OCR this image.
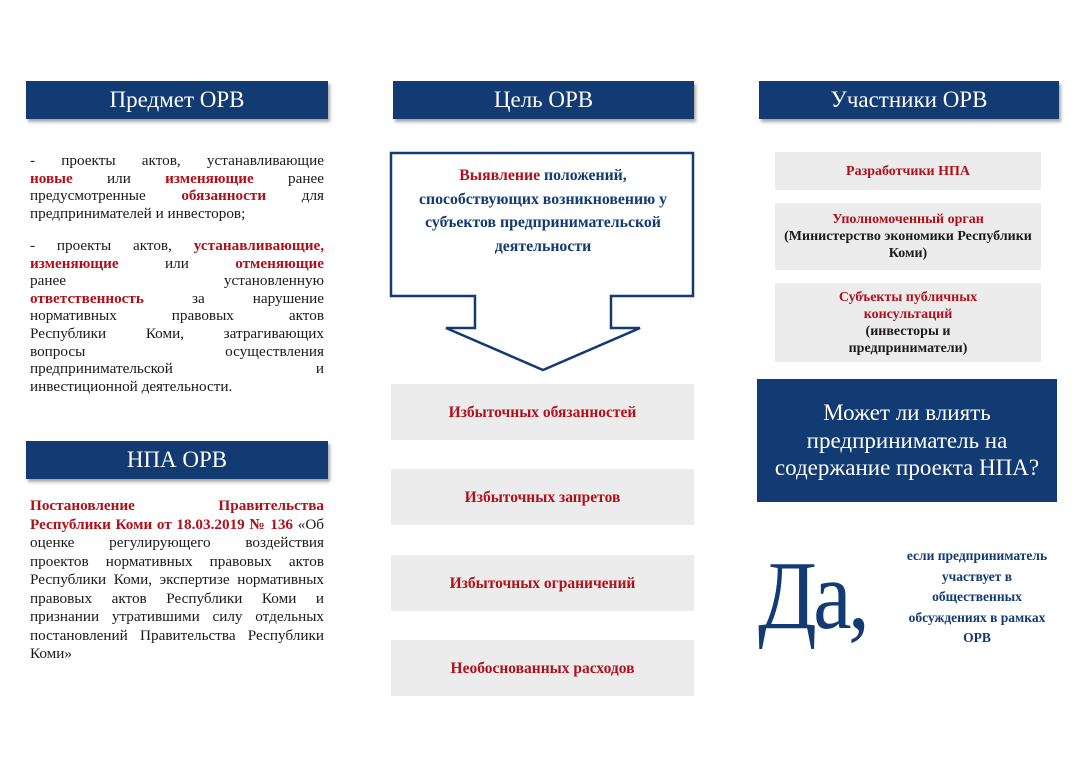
Предмет ОРВ	Цель ОРВ	Участники ОРВ
- проекты актов, устанавливающие
новые или изменяющие ранее
предусмотренные обязанности для
предпринимателей и инвесторов;
- проекты актов, устанавливающие,
изменяющие	или	отменяющие
ранее установленную
ответственность	за нарушение
нормативных правовых актов
Республики Коми, затрагивающих
вопросы осуществления
предпринимательской и
инвестиционной деятельности.
НПА ОРВ
Постановление Правительства Республики Коми от 18.03.2019 № 136 «Об оценке регулирующего воздействия проектов нормативных правовых актов Республики Коми, экспертизе нормативных правовых актов Республики Коми и признании утратившими силу отдельных постановлений Правительства Республики Коми»
Выявление положений, способствующих возникновению у субъектов предпринимательской деятельности
Избыточных обязанностей
Избыточных запретов
Избыточных ограничений
Необоснованных расходов
Разработчики НПА
Уполномоченный орган
(Министерство экономики Республики Коми)
Субъекты публичных консультаций
(инвесторы и предприниматели)
Может ли влиять предприниматель на содержание проекта НПА?
Да,	если предприниматель участвует в общественных обсуждениях в рамках ОРВ
